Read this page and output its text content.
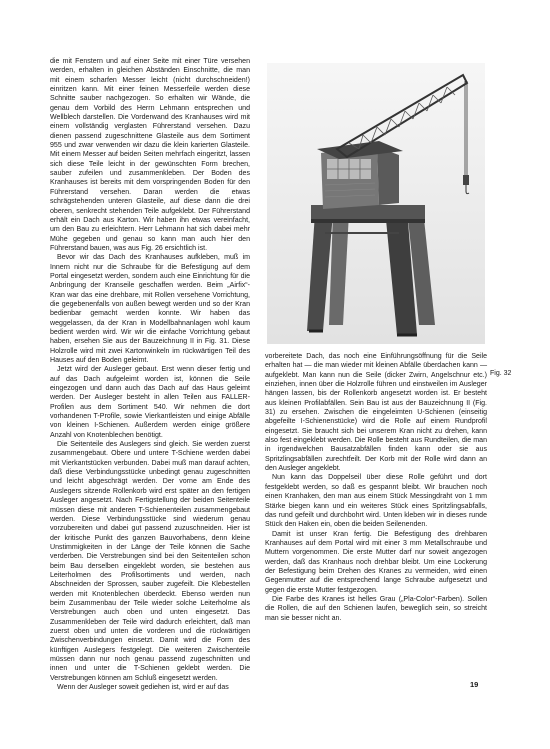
die mit Fenstern und auf einer Seite mit einer Türe versehen werden, erhalten in gleichen Abständen Einschnitte, die man mit einem scharfen Messer leicht (nicht durchschneiden!) einritzen kann. Mit einer feinen Messerfeile werden diese Schnitte sauber nachgezogen. So erhalten wir Wände, die genau dem Vorbild des Herrn Lehmann entsprechen und Wellblech darstellen. Die Vorderwand des Kranhauses wird mit einem vollständig verglasten Führerstand versehen. Dazu dienen passend zugeschnittene Glasteile aus dem Sortiment 955 und zwar verwenden wir dazu die klein karierten Glasteile. Mit einem Messer auf beiden Seiten mehrfach eingeritzt, lassen sich diese Teile leicht in der gewünschten Form brechen, sauber zufeilen und zusammenkleben. Der Boden des Kranhauses ist bereits mit dem vorspringenden Boden für den Führerstand versehen. Daran werden die etwas schrägstehenden unteren Glasteile, auf diese dann die drei oberen, senkrecht stehenden Teile aufgeklebt. Der Führerstand erhält ein Dach aus Karton. Wir haben ihn etwas vereinfacht, um den Bau zu erleichtern. Herr Lehmann hat sich dabei mehr Mühe gegeben und genau so kann man auch hier den Führerstand bauen, was aus Fig. 26 ersichtlich ist.

Bevor wir das Dach des Kranhauses aufkleben, muß im Innern nicht nur die Schraube für die Befestigung auf dem Portal eingesetzt werden, sondern auch eine Einrichtung für die Anbringung der Kranseile geschaffen werden. Beim „Airfix“-Kran war das eine drehbare, mit Rollen versehene Vorrichtung, die gegebenenfalls von außen bewegt werden und so der Kran bedienbar gemacht werden konnte. Wir haben das weggelassen, da der Kran in Modellbahnanlagen wohl kaum bedient werden wird. Wir wir die einfache Vorrichtung gebaut haben, ersehen Sie aus der Bauzeichnung II in Fig. 31. Diese Holzrolle wird mit zwei Kartonwinkeln im rückwärtigen Teil des Hauses auf den Boden geleimt.

Jetzt wird der Ausleger gebaut. Erst wenn dieser fertig und auf das Dach aufgeleimt worden ist, können die Seile eingezogen und dann auch das Dach auf das Haus geleimt werden. Der Ausleger besteht in allen Teilen aus FALLER-Profilen aus dem Sortiment 540. Wir nehmen die dort vorhandenen T-Profile, sowie Vierkantleisten und einige Abfälle von kleinen I-Schienen. Außerdem werden einige größere Anzahl von Knotenblechen benötigt.

Die Seitenteile des Auslegers sind gleich. Sie werden zuerst zusammengebaut. Obere und untere T-Schiene werden dabei mit Vierkantstücken verbunden. Dabei muß man darauf achten, daß diese Verbindungsstücke unbedingt genau zugeschnitten und leicht abgeschrägt werden. Der vorne am Ende des Auslegers sitzende Rollenkorb wird erst später an den fertigen Ausleger angesetzt. Nach Fertigstellung der beiden Seitenteile müssen diese mit anderen T-Schienenteilen zusammengebaut werden. Diese Verbindungsstücke sind wiederum genau vorzubereiten und dabei gut passend zuzuschneiden. Hier ist der kritische Punkt des ganzen Bauvorhabens, denn kleine Unstimmigkeiten in der Länge der Teile können die Sache verderben. Die Verstrebungen sind bei den Seitenteilen schon beim Bau derselben eingeklebt worden, sie bestehen aus Leiterholmen des Profilsortiments und werden, nach Abschneiden der Sprossen, sauber zugefeilt. Die Klebestellen werden mit Knotenblechen überdeckt. Ebenso werden nun beim Zusammenbau der Teile wieder solche Leiterholme als Verstrebungen auch oben und unten eingesetzt. Das Zusammenkleben der Teile wird dadurch erleichtert, daß man zuerst oben und unten die vorderen und die rückwärtigen Zwischenverbindungen einsetzt. Damit wird die Form des künftigen Auslegers festgelegt. Die weiteren Zwischenteile müssen dann nur noch genau passend zugeschnitten und innen und unter die T-Schienen geklebt werden. Die Verstrebungen können am Schluß eingesetzt werden.

Wenn der Ausleger soweit gediehen ist, wird er auf das

Fig. 32

vorbereitete Dach, das noch eine Einführungsöffnung für die Seile erhalten hat — die man wieder mit kleinen Abfälle überdachen kann — aufgeklebt. Man kann nun die Seile (dicker Zwirn, Angelschnur etc.) einziehen, innen über die Holzrolle führen und einstweilen im Ausleger hängen lassen, bis der Rollenkorb angesetzt worden ist. Er besteht aus kleinen Profilabfällen. Sein Bau ist aus der Bauzeichnung II (Fig. 31) zu ersehen. Zwischen die eingeleimten U-Schienen (einseitig abgefeilte I-Schienenstücke) wird die Rolle auf einem Rundprofil eingesetzt. Sie braucht sich bei unserem Kran nicht zu drehen, kann also fest eingeklebt werden. Die Rolle besteht aus Rundteilen, die man in irgendwelchen Bausatzabfällen finden kann oder sie aus Spritzlingsabfällen zurechtfeilt. Der Korb mit der Rolle wird dann an den Ausleger angeklebt.

Nun kann das Doppelseil über diese Rolle geführt und dort festgeklebt werden, so daß es gespannt bleibt. Wir brauchen noch einen Kranhaken, den man aus einem Stück Messingdraht von 1 mm Stärke biegen kann und ein weiteres Stück eines Spritzlingsabfalls, das rund gefeilt und durchbohrt wird. Unten kleben wir in dieses runde Stück den Haken ein, oben die beiden Seilenenden.

Damit ist unser Kran fertig. Die Befestigung des drehbaren Kranhauses auf dem Portal wird mit einer 3 mm Metallschraube und Muttern vorgenommen. Die erste Mutter darf nur soweit angezogen werden, daß das Kranhaus noch drehbar bleibt. Um eine Lockerung der Befestigung beim Drehen des Kranes zu vermeiden, wird einen Gegenmutter auf die entsprechend lange Schraube aufgesetzt und gegen die erste Mutter festgezogen.

Die Farbe des Kranes ist helles Grau („Pla-Color“-Farben). Sollen die Rollen, die auf den Schienen laufen, beweglich sein, so streicht man sie besser nicht an.

19
